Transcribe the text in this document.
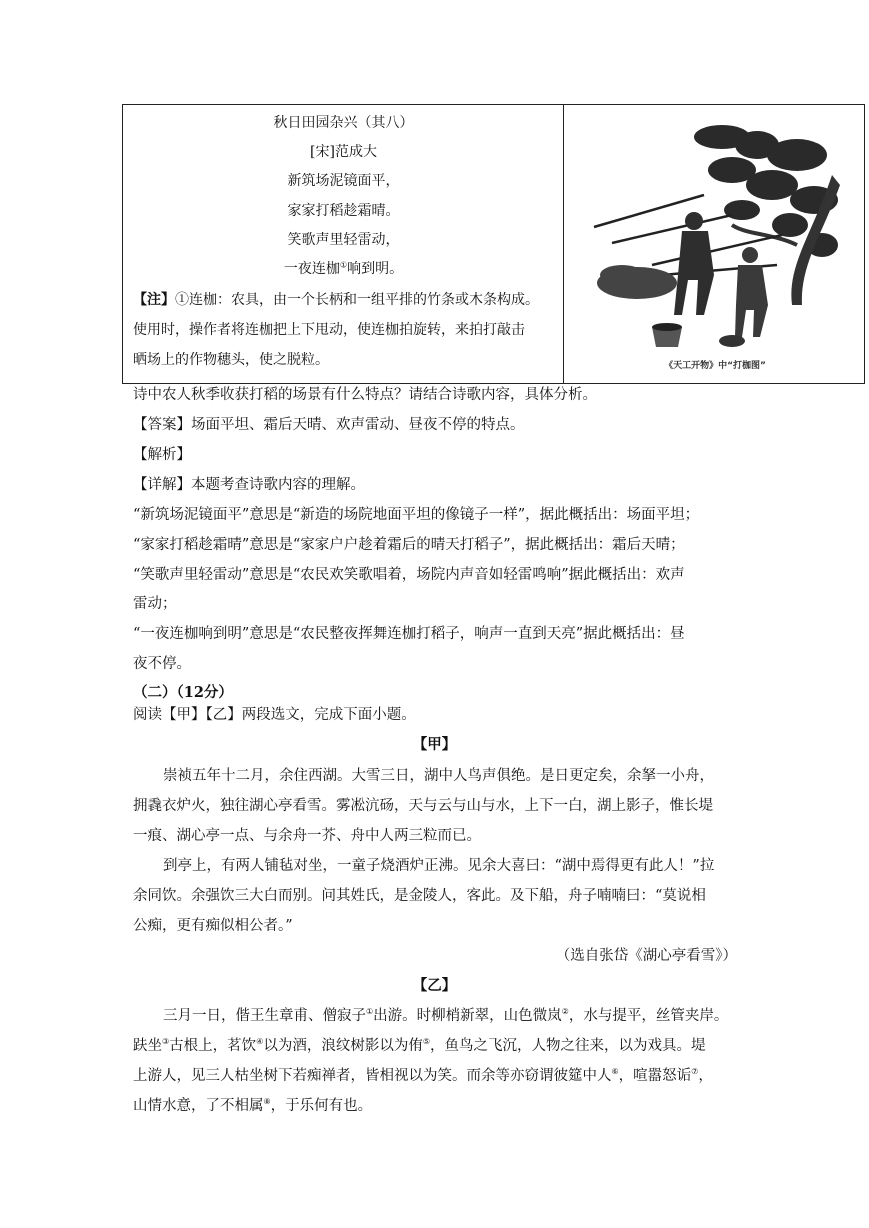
秋日田园杂兴（其八）
[宋]范成大
新筑场泥镜面平，
家家打稻趁霜晴。
笑歌声里轻雷动，
一夜连枷①响到明。
【注】①连枷：农具，由一个长柄和一组平排的竹条或木条构成。
使用时，操作者将连枷把上下甩动，使连枷拍旋转，来拍打敲击
晒场上的作物穗头，使之脱粒。	《天工开物》中“打枷图”
诗中农人秋季收获打稻的场景有什么特点？请结合诗歌内容，具体分析。
【答案】场面平坦、霜后天晴、欢声雷动、昼夜不停的特点。
【解析】
【详解】本题考查诗歌内容的理解。
“新筑场泥镜面平”意思是“新造的场院地面平坦的像镜子一样”，据此概括出：场面平坦；
“家家打稻趁霜晴”意思是“家家户户趁着霜后的晴天打稻子”，据此概括出：霜后天晴；
“笑歌声里轻雷动”意思是“农民欢笑歌唱着，场院内声音如轻雷鸣响”据此概括出：欢声
雷动；
“一夜连枷响到明”意思是“农民整夜挥舞连枷打稻子，响声一直到天亮”据此概括出：昼
夜不停。
（二）（12分）
阅读【甲】【乙】两段选文，完成下面小题。
【甲】
崇祯五年十二月，余住西湖。大雪三日，湖中人鸟声俱绝。是日更定矣，余拏一小舟，
拥毳衣炉火，独往湖心亭看雪。雾凇沆砀，天与云与山与水，上下一白，湖上影子，惟长堤
一痕、湖心亭一点、与余舟一芥、舟中人两三粒而已。
到亭上，有两人铺毡对坐，一童子烧酒炉正沸。见余大喜曰：“湖中焉得更有此人！”拉
余同饮。余强饮三大白而别。问其姓氏，是金陵人，客此。及下船，舟子喃喃曰：“莫说相
公痴，更有痴似相公者。”
（选自张岱《湖心亭看雪》）
【乙】
三月一日，偕王生章甫、僧寂子①出游。时柳梢新翠，山色微岚②，水与提平，丝管夹岸。
趺坐③古根上，茗饮④以为酒，浪纹树影以为侑⑤，鱼鸟之飞沉，人物之往来，以为戏具。堤
上游人，见三人枯坐树下若痴禅者，皆相视以为笑。而余等亦窃谓彼筵中人⑥，喧嚣怒诟⑦，
山情水意，了不相属⑧，于乐何有也。
